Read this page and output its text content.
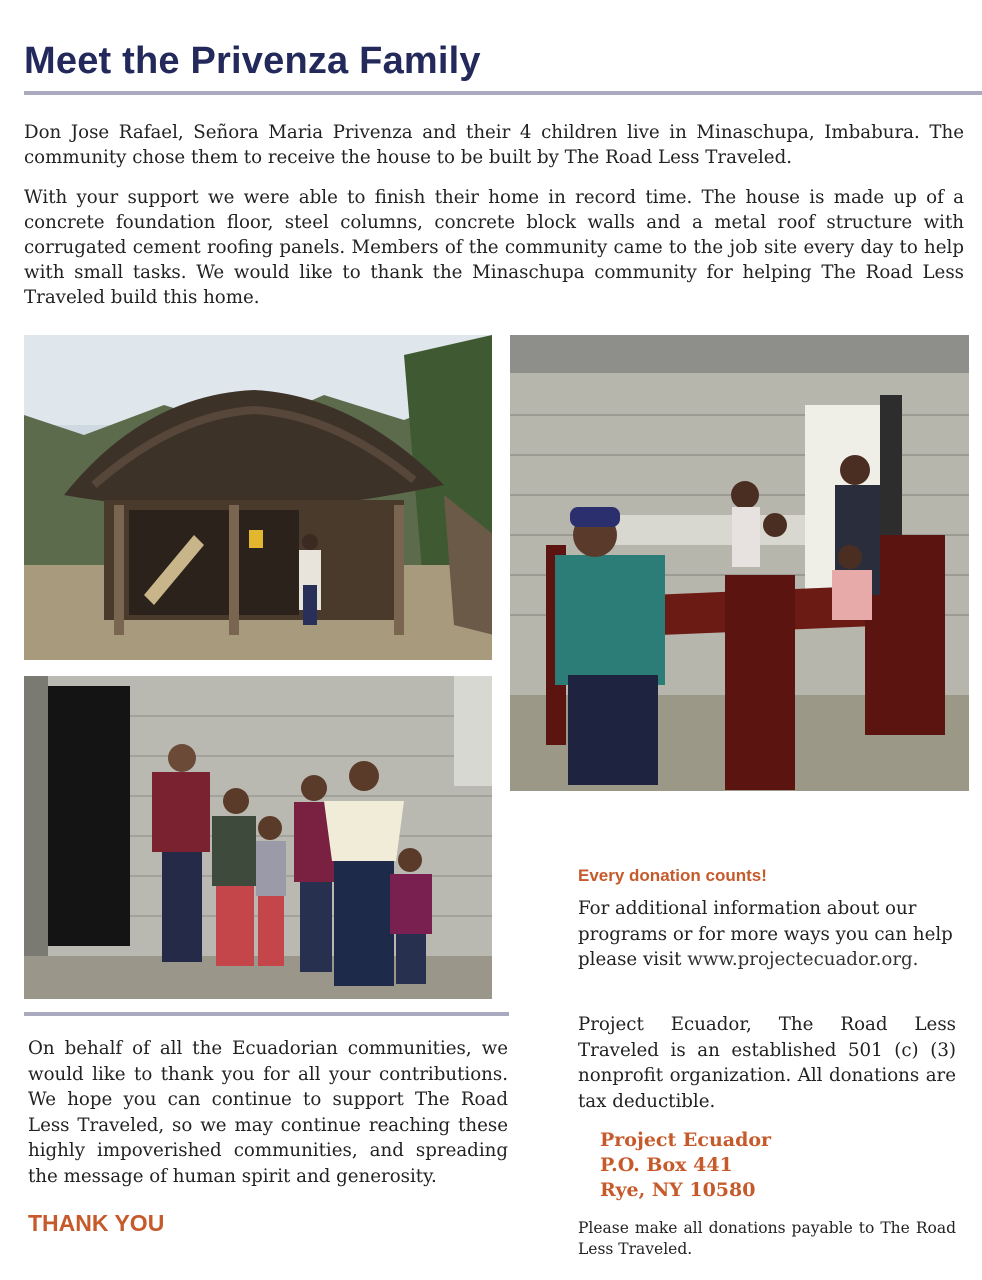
Meet the Privenza Family

Don Jose Rafael, Señora Maria Privenza and their 4 children live in Minaschupa, Imbabura. The community chose them to receive the house to be built by The Road Less Traveled.

With your support we were able to finish their home in record time. The house is made up of a concrete foundation floor, steel columns, concrete block walls and a metal roof structure with corrugated cement roofing panels. Members of the community came to the job site every day to help with small tasks. We would like to thank the Minaschupa community for helping The Road Less Traveled build this home.

On behalf of all the Ecuadorian communities, we would like to thank you for all your contributions. We hope you can continue to support The Road Less Traveled, so we may continue reaching these highly impoverished communities, and spreading the message of human spirit and generosity.

THANK YOU

Every donation counts!

For additional information about our programs or for more ways you can help please visit www.projectecuador.org.

Project Ecuador, The Road Less Traveled is an established 501 (c) (3) nonprofit organization. All donations are tax deductible.

Project Ecuador
P.O. Box 441
Rye, NY 10580

Please make all donations payable to The Road Less Traveled.
